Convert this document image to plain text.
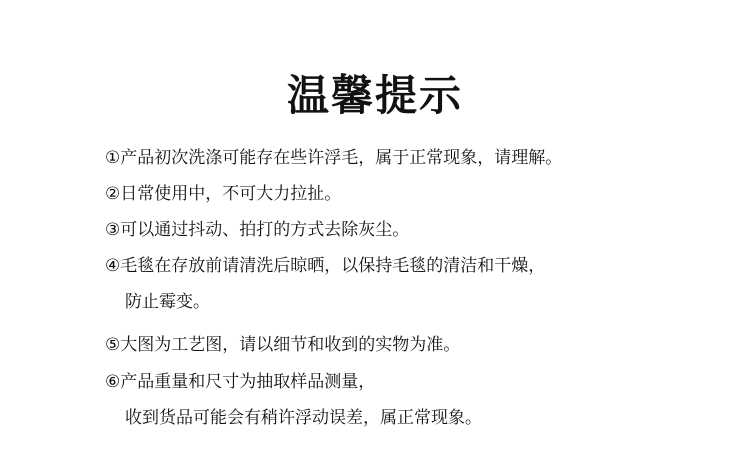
温馨提示
①产品初次洗涤可能存在些许浮毛，属于正常现象，请理解。
②日常使用中，不可大力拉扯。
③可以通过抖动、拍打的方式去除灰尘。
④毛毯在存放前请清洗后晾晒，以保持毛毯的清洁和干燥，
防止霉变。
⑤大图为工艺图，请以细节和收到的实物为准。
⑥产品重量和尺寸为抽取样品测量，
收到货品可能会有稍许浮动误差，属正常现象。
